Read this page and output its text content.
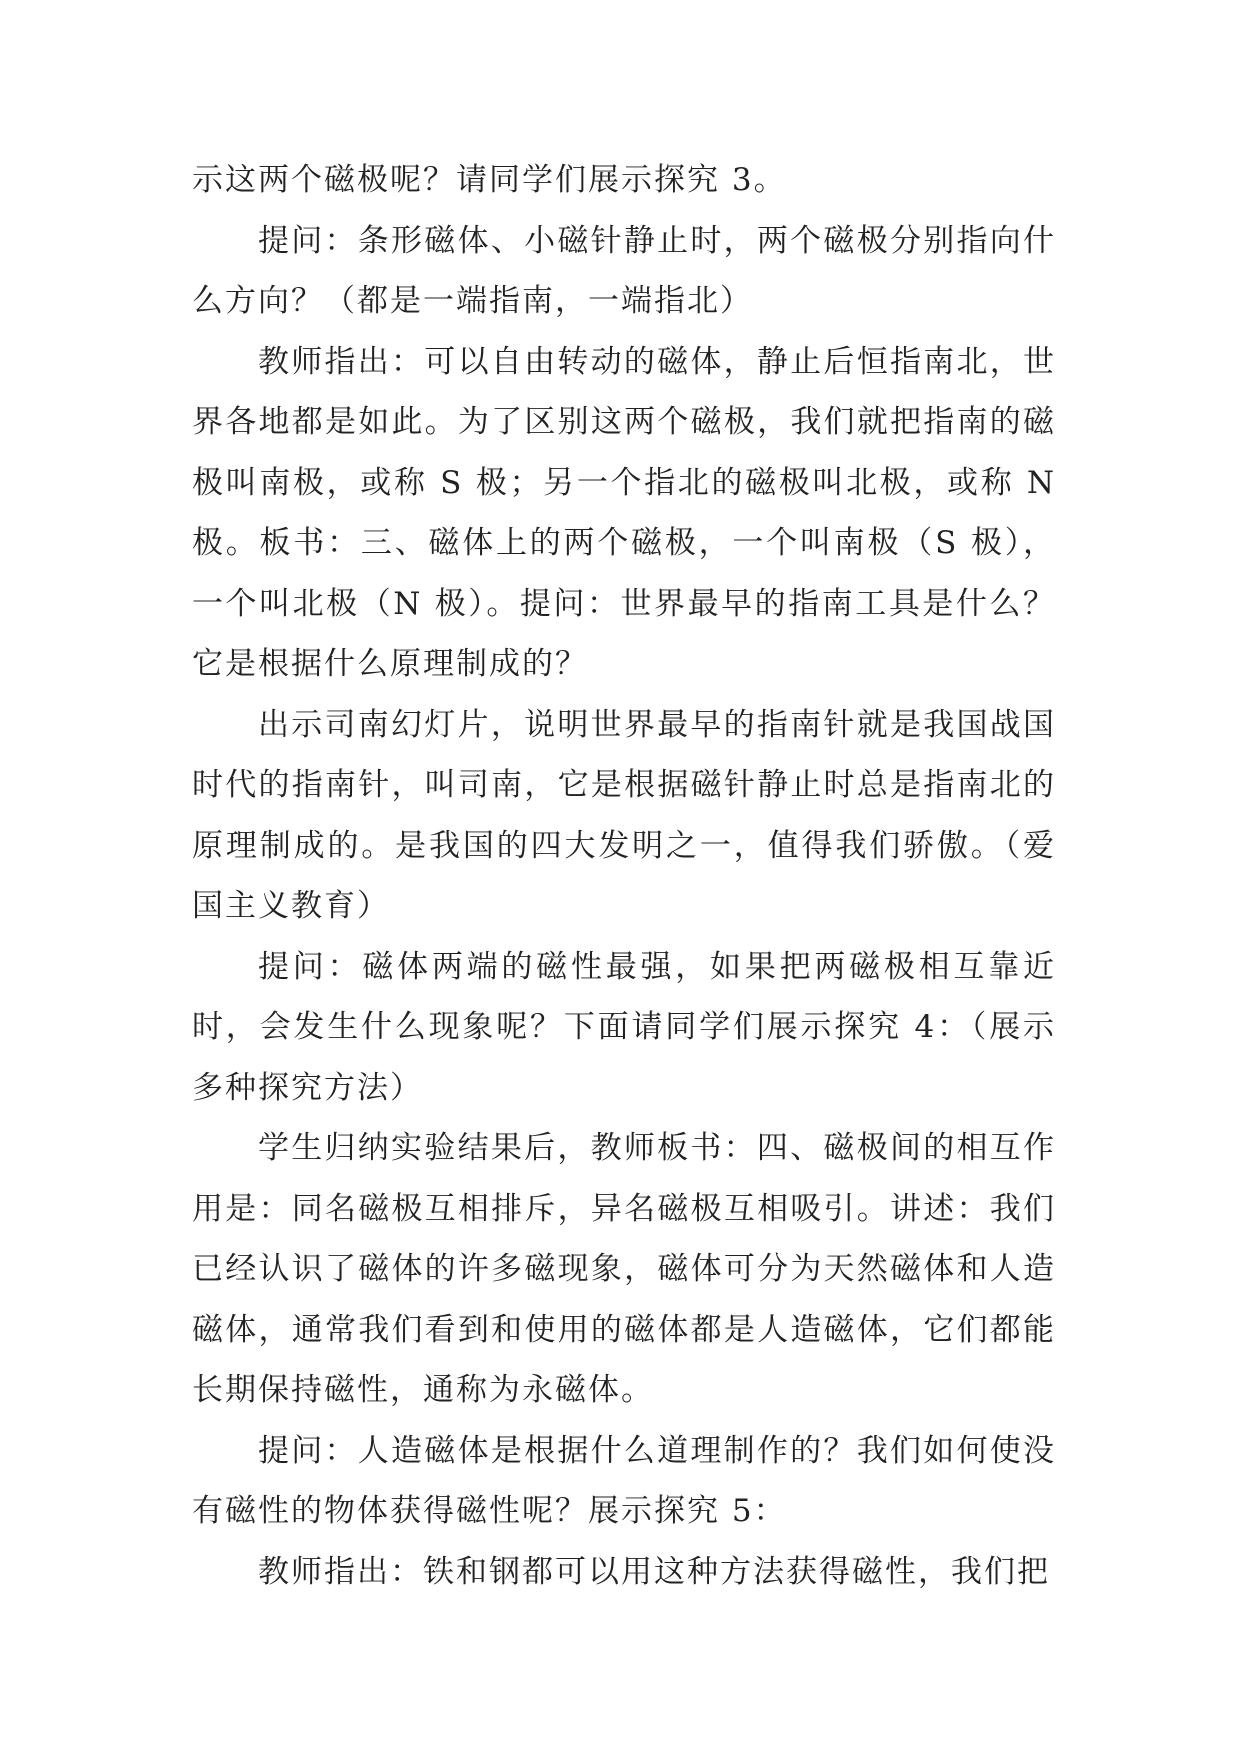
示这两个磁极呢？请同学们展示探究 3。

提问：条形磁体、小磁针静止时，两个磁极分别指向什么方向？（都是一端指南，一端指北）

教师指出：可以自由转动的磁体，静止后恒指南北，世界各地都是如此。为了区别这两个磁极，我们就把指南的磁极叫南极，或称 S 极；另一个指北的磁极叫北极，或称 N 极。板书：三、磁体上的两个磁极，一个叫南极（S 极），一个叫北极（N 极）。提问：世界最早的指南工具是什么？它是根据什么原理制成的？

出示司南幻灯片，说明世界最早的指南针就是我国战国时代的指南针，叫司南，它是根据磁针静止时总是指南北的原理制成的。是我国的四大发明之一，值得我们骄傲。（爱国主义教育）

提问：磁体两端的磁性最强，如果把两磁极相互靠近时，会发生什么现象呢？下面请同学们展示探究 4：（展示多种探究方法）

学生归纳实验结果后，教师板书：四、磁极间的相互作用是：同名磁极互相排斥，异名磁极互相吸引。讲述：我们已经认识了磁体的许多磁现象，磁体可分为天然磁体和人造磁体，通常我们看到和使用的磁体都是人造磁体，它们都能长期保持磁性，通称为永磁体。

提问：人造磁体是根据什么道理制作的？我们如何使没有磁性的物体获得磁性呢？展示探究 5：

教师指出：铁和钢都可以用这种方法获得磁性，我们把
